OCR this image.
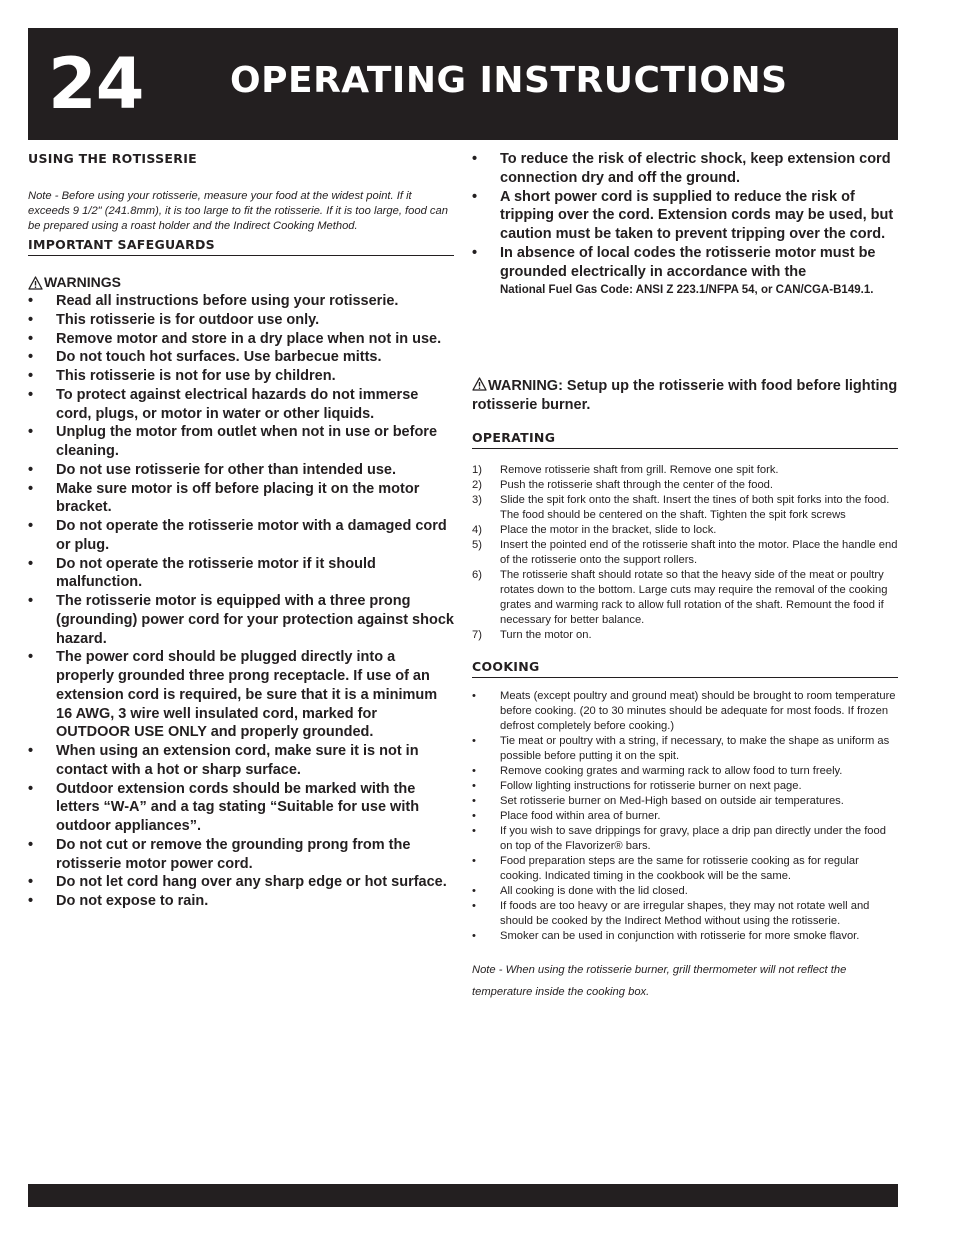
24 OPERATING INSTRUCTIONS
USING THE ROTISSERIE
Note - Before using your rotisserie, measure your food at the widest point. If it exceeds 9 1/2" (241.8mm), it is too large to fit the rotisserie. If it is too large, food can be prepared using a roast holder and the Indirect Cooking Method.
IMPORTANT SAFEGUARDS
WARNINGS
• Read all instructions before using your rotisserie.
• This rotisserie is for outdoor use only.
• Remove motor and store in a dry place when not in use.
• Do not touch hot surfaces. Use barbecue mitts.
• This rotisserie is not for use by children.
• To protect against electrical hazards do not immerse cord, plugs, or motor in water or other liquids.
• Unplug the motor from outlet when not in use or before cleaning.
• Do not use rotisserie for other than intended use.
• Make sure motor is off before placing it on the motor bracket.
• Do not operate the rotisserie motor with a damaged cord or plug.
• Do not operate the rotisserie motor if it should malfunction.
• The rotisserie motor is equipped with a three prong (grounding) power cord for your protection against shock hazard.
• The power cord should be plugged directly into a properly grounded three prong receptacle. If use of an extension cord is required, be sure that it is a minimum 16 AWG, 3 wire well insulated cord, marked for OUTDOOR USE ONLY and properly grounded.
• When using an extension cord, make sure it is not in contact with a hot or sharp surface.
• Outdoor extension cords should be marked with the letters “W-A” and a tag stating “Suitable for use with outdoor appliances”.
• Do not cut or remove the grounding prong from the rotisserie motor power cord.
• Do not let cord hang over any sharp edge or hot surface.
• Do not expose to rain.
• To reduce the risk of electric shock, keep extension cord connection dry and off the ground.
• A short power cord is supplied to reduce the risk of tripping over the cord. Extension cords may be used, but caution must be taken to prevent tripping over the cord.
• In absence of local codes the rotisserie motor must be grounded electrically in accordance with the
National Fuel Gas Code: ANSI Z 223.1/NFPA 54, or CAN/CGA-B149.1.
WARNING: Setup up the rotisserie with food before lighting rotisserie burner.
OPERATING
1) Remove rotisserie shaft from grill. Remove one spit fork.
2) Push the rotisserie shaft through the center of the food.
3) Slide the spit fork onto the shaft. Insert the tines of both spit forks into the food. The food should be centered on the shaft. Tighten the spit fork screws
4) Place the motor in the bracket, slide to lock.
5) Insert the pointed end of the rotisserie shaft into the motor. Place the handle end of the rotisserie onto the support rollers.
6) The rotisserie shaft should rotate so that the heavy side of the meat or poultry rotates down to the bottom. Large cuts may require the removal of the cooking grates and warming rack to allow full rotation of the shaft. Remount the food if necessary for better balance.
7) Turn the motor on.
COOKING
• Meats (except poultry and ground meat) should be brought to room temperature before cooking. (20 to 30 minutes should be adequate for most foods. If frozen defrost completely before cooking.)
• Tie meat or poultry with a string, if necessary, to make the shape as uniform as possible before putting it on the spit.
• Remove cooking grates and warming rack to allow food to turn freely.
• Follow lighting instructions for rotisserie burner on next page.
• Set rotisserie burner on Med-High based on outside air temperatures.
• Place food within area of burner.
• If you wish to save drippings for gravy, place a drip pan directly under the food on top of the Flavorizer® bars.
• Food preparation steps are the same for rotisserie cooking as for regular cooking. Indicated timing in the cookbook will be the same.
• All cooking is done with the lid closed.
• If foods are too heavy or are irregular shapes, they may not rotate well and should be cooked by the Indirect Method without using the rotisserie.
• Smoker can be used in conjunction with rotisserie for more smoke flavor.
Note - When using the rotisserie burner, grill thermometer will not reflect the temperature inside the cooking box.
